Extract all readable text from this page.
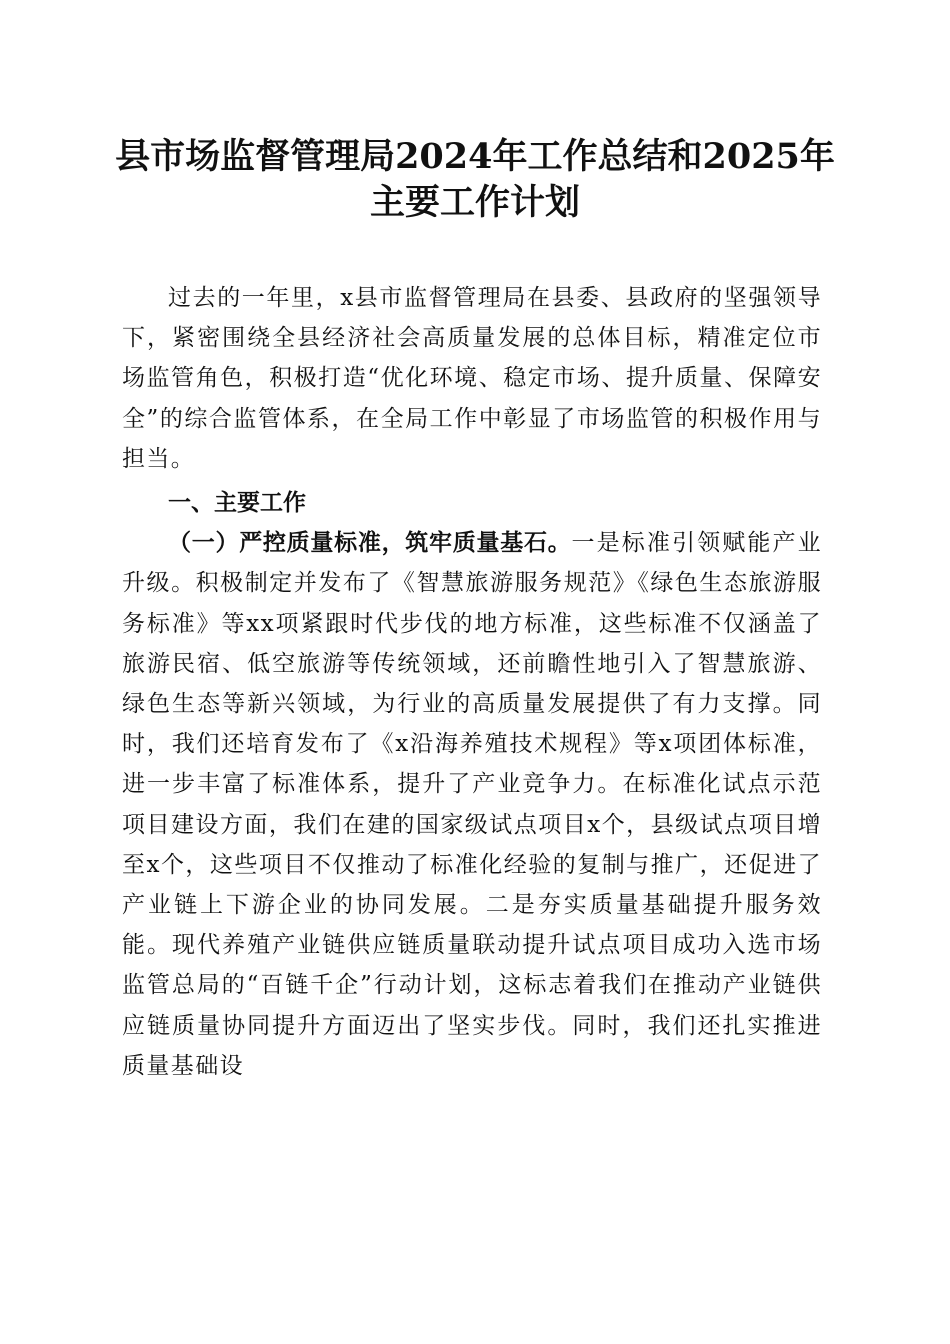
县市场监督管理局2024年工作总结和2025年
主要工作计划

过去的一年里，x县市监督管理局在县委、县政府的坚强领导下，紧密围绕全县经济社会高质量发展的总体目标，精准定位市场监管角色，积极打造“优化环境、稳定市场、提升质量、保障安全”的综合监管体系，在全局工作中彰显了市场监管的积极作用与担当。

一、主要工作

（一）严控质量标准，筑牢质量基石。一是标准引领赋能产业升级。积极制定并发布了《智慧旅游服务规范》《绿色生态旅游服务标准》等xx项紧跟时代步伐的地方标准，这些标准不仅涵盖了旅游民宿、低空旅游等传统领域，还前瞻性地引入了智慧旅游、绿色生态等新兴领域，为行业的高质量发展提供了有力支撑。同时，我们还培育发布了《x沿海养殖技术规程》等x项团体标准，进一步丰富了标准体系，提升了产业竞争力。在标准化试点示范项目建设方面，我们在建的国家级试点项目x个，县级试点项目增至x个，这些项目不仅推动了标准化经验的复制与推广，还促进了产业链上下游企业的协同发展。二是夯实质量基础提升服务效能。现代养殖产业链供应链质量联动提升试点项目成功入选市场监管总局的“百链千企”行动计划，这标志着我们在推动产业链供应链质量协同提升方面迈出了坚实步伐。同时，我们还扎实推进质量基础设
